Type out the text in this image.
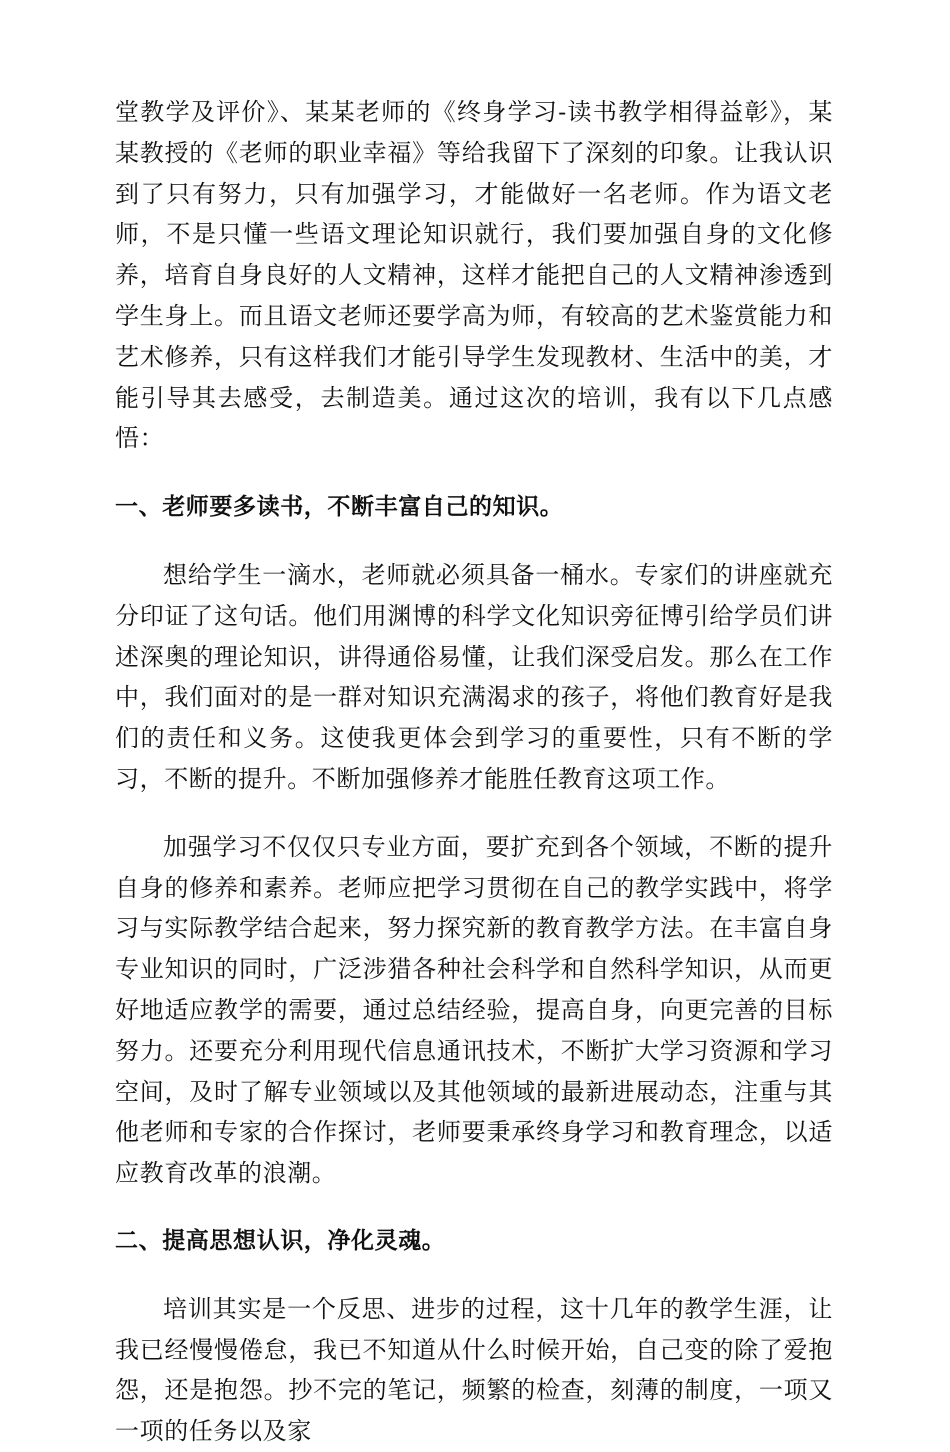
堂教学及评价》、某某老师的《终身学习-读书教学相得益彰》，某某教授的《老师的职业幸福》等给我留下了深刻的印象。让我认识到了只有努力，只有加强学习，才能做好一名老师。作为语文老师，不是只懂一些语文理论知识就行，我们要加强自身的文化修养，培育自身良好的人文精神，这样才能把自己的人文精神渗透到学生身上。而且语文老师还要学高为师，有较高的艺术鉴赏能力和艺术修养，只有这样我们才能引导学生发现教材、生活中的美，才能引导其去感受，去制造美。通过这次的培训，我有以下几点感悟：

一、老师要多读书，不断丰富自己的知识。

想给学生一滴水，老师就必须具备一桶水。专家们的讲座就充分印证了这句话。他们用渊博的科学文化知识旁征博引给学员们讲述深奥的理论知识，讲得通俗易懂，让我们深受启发。那么在工作中，我们面对的是一群对知识充满渴求的孩子，将他们教育好是我们的责任和义务。这使我更体会到学习的重要性，只有不断的学习，不断的提升。不断加强修养才能胜任教育这项工作。

加强学习不仅仅只专业方面，要扩充到各个领域，不断的提升自身的修养和素养。老师应把学习贯彻在自己的教学实践中，将学习与实际教学结合起来，努力探究新的教育教学方法。在丰富自身专业知识的同时，广泛涉猎各种社会科学和自然科学知识，从而更好地适应教学的需要，通过总结经验，提高自身，向更完善的目标努力。还要充分利用现代信息通讯技术，不断扩大学习资源和学习空间，及时了解专业领域以及其他领域的最新进展动态，注重与其他老师和专家的合作探讨，老师要秉承终身学习和教育理念，以适应教育改革的浪潮。

二、提高思想认识，净化灵魂。

培训其实是一个反思、进步的过程，这十几年的教学生涯，让我已经慢慢倦怠，我已不知道从什么时候开始，自己变的除了爱抱怨，还是抱怨。抄不完的笔记，频繁的检查，刻薄的制度，一项又一项的任务以及家
